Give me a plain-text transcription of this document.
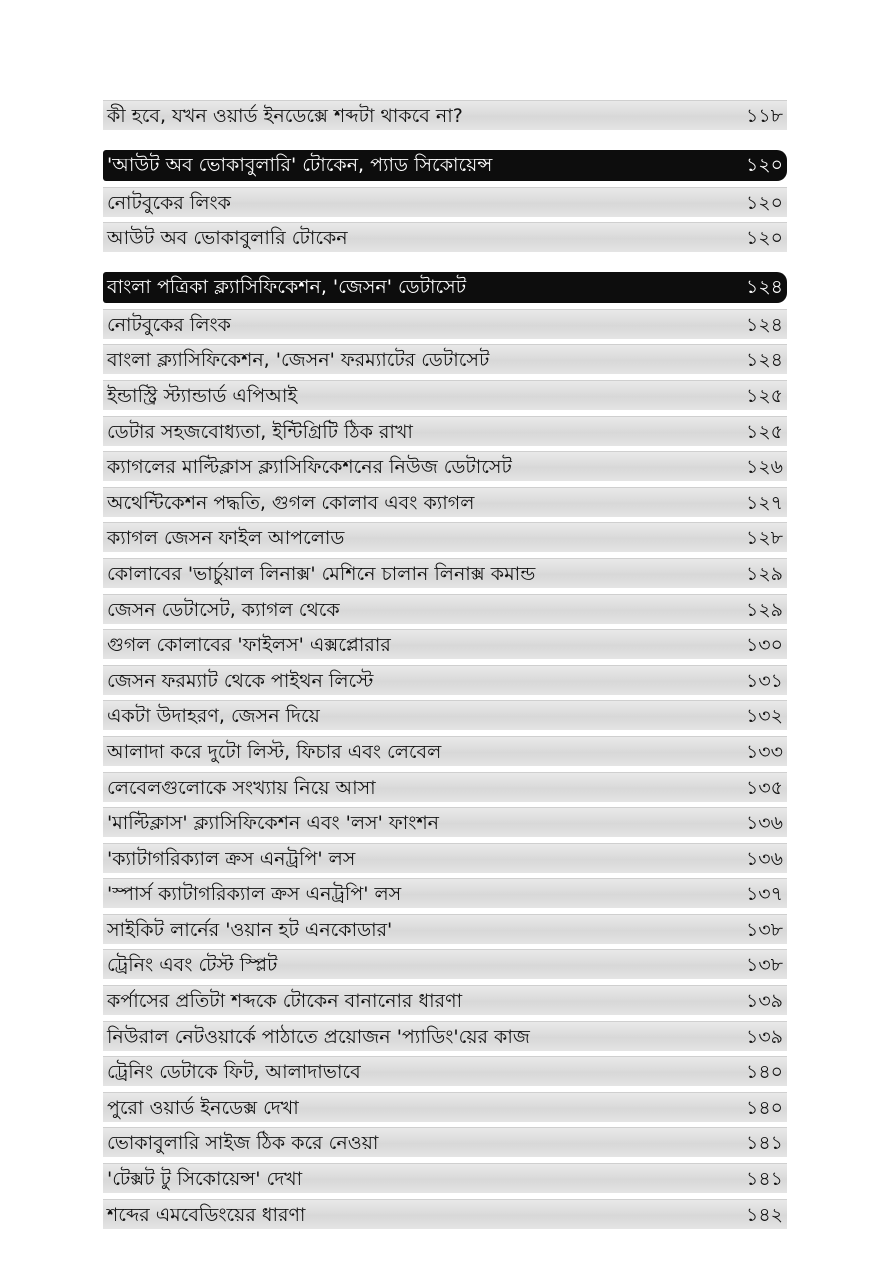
কী হবে, যখন ওয়ার্ড ইনডেক্সে শব্দটা থাকবে না?	১১৮
'আউট অব ভোকাবুলারি' টোকেন, প্যাড সিকোয়েন্স	১২০
নোটবুকের লিংক	১২০
আউট অব ভোকাবুলারি টোকেন	১২০
বাংলা পত্রিকা ক্ল্যাসিফিকেশন, 'জেসন' ডেটাসেট	১২৪
নোটবুকের লিংক	১২৪
বাংলা ক্ল্যাসিফিকেশন, 'জেসন' ফরম্যাটের ডেটাসেট	১২৪
ইন্ডাস্ট্রি স্ট্যান্ডার্ড এপিআই	১২৫
ডেটার সহজবোধ্যতা, ইন্টিগ্রিটি ঠিক রাখা	১২৫
ক্যাগলের মাল্টিক্লাস ক্ল্যাসিফিকেশনের নিউজ ডেটাসেট	১২৬
অথেন্টিকেশন পদ্ধতি, গুগল কোলাব এবং ক্যাগল	১২৭
ক্যাগল জেসন ফাইল আপলোড	১২৮
কোলাবের 'ভার্চুয়াল লিনাক্স' মেশিনে চালান লিনাক্স কমান্ড	১২৯
জেসন ডেটাসেট, ক্যাগল থেকে	১২৯
গুগল কোলাবের 'ফাইলস' এক্সপ্লোরার	১৩০
জেসন ফরম্যাট থেকে পাইথন লিস্টে	১৩১
একটা উদাহরণ, জেসন দিয়ে	১৩২
আলাদা করে দুটো লিস্ট, ফিচার এবং লেবেল	১৩৩
লেবেলগুলোকে সংখ্যায় নিয়ে আসা	১৩৫
'মাল্টিক্লাস' ক্ল্যাসিফিকেশন এবং 'লস' ফাংশন	১৩৬
'ক্যাটাগরিক্যাল ক্রস এনট্রপি' লস	১৩৬
'স্পার্স ক্যাটাগরিক্যাল ক্রস এনট্রপি' লস	১৩৭
সাইকিট লার্নের 'ওয়ান হট এনকোডার'	১৩৮
ট্রেনিং এবং টেস্ট স্প্লিট	১৩৮
কর্পাসের প্রতিটা শব্দকে টোকেন বানানোর ধারণা	১৩৯
নিউরাল নেটওয়ার্কে পাঠাতে প্রয়োজন 'প্যাডিং'য়ের কাজ	১৩৯
ট্রেনিং ডেটাকে ফিট, আলাদাভাবে	১৪০
পুরো ওয়ার্ড ইনডেক্স দেখা	১৪০
ভোকাবুলারি সাইজ ঠিক করে নেওয়া	১৪১
'টেক্সট টু সিকোয়েন্স' দেখা	১৪১
শব্দের এমবেডিংয়ের ধারণা	১৪২
